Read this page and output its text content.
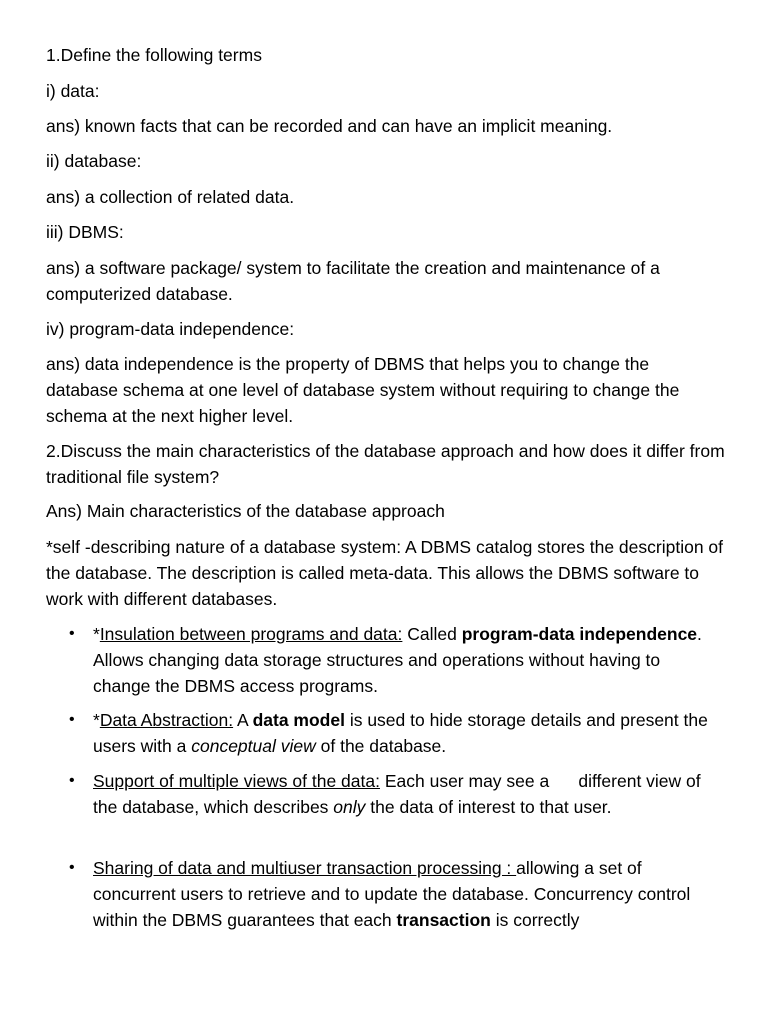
1.Define the following terms

i) data:

ans) known facts that can be recorded and can have an implicit meaning.

ii) database:

ans) a collection of related data.

iii) DBMS:

ans) a software package/ system to facilitate the creation and maintenance of a computerized database.

iv) program-data independence:

ans) data independence is the property of DBMS that helps you to change the database schema at one level of database system without requiring to change the schema at the next higher level.

2.Discuss the main characteristics of the database approach and how does it differ from traditional file system?

Ans) Main characteristics of the database approach

*self -describing nature of a database system: A DBMS catalog stores the description of the database. The description is called meta-data. This allows the DBMS software to work with different databases.

• *Insulation between programs and data: Called program-data independence. Allows changing data storage structures and operations without having to change the DBMS access programs.
• *Data Abstraction: A data model is used to hide storage details and present the users with a conceptual view of the database.
• Support of multiple views of the data: Each user may see a      different view of the database, which describes only the data of interest to that user.
• Sharing of data and multiuser transaction processing : allowing a set of concurrent users to retrieve and to update the database. Concurrency control within the DBMS guarantees that each transaction is correctly
